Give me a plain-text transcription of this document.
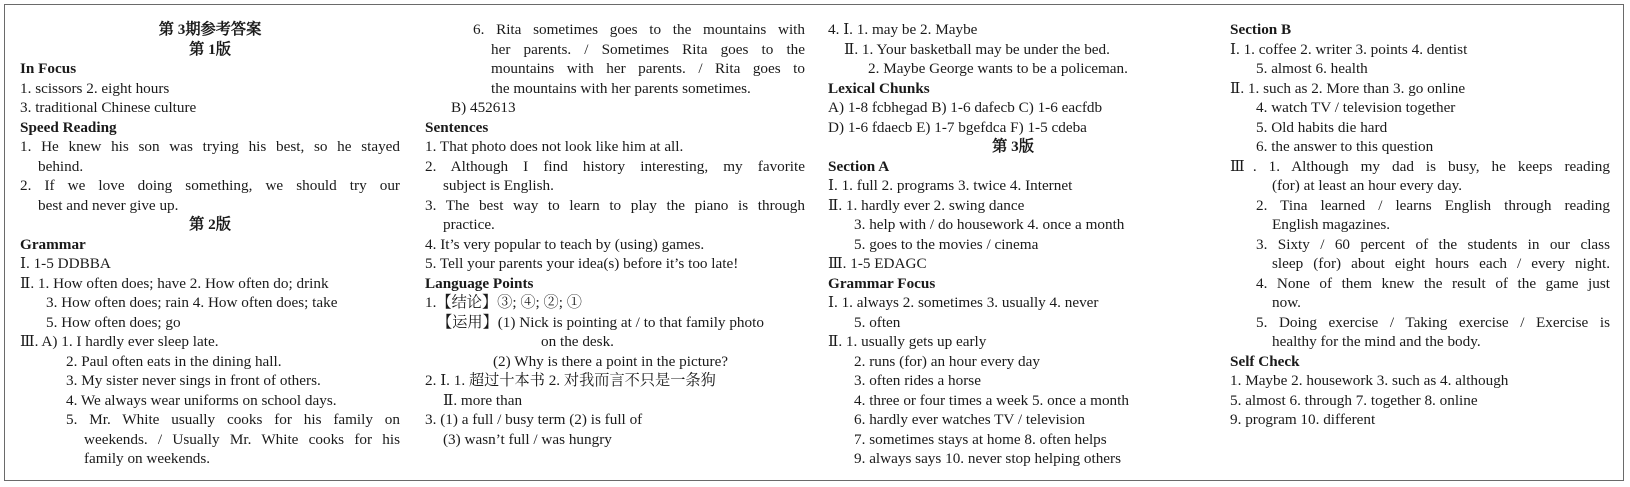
第 3期参考答案
第 1版
In Focus
1. scissors 2. eight hours
3. traditional Chinese culture
Speed Reading
1. He knew his son was trying his best, so he stayed
behind.
2. If we love doing something, we should try our
best and never give up.
第 2版
Grammar
Ⅰ. 1-5 DDBBA
Ⅱ. 1. How often does; have 2. How often do; drink
3. How often does; rain 4. How often does; take
5. How often does; go
Ⅲ. A) 1. I hardly ever sleep late.
2. Paul often eats in the dining hall.
3. My sister never sings in front of others.
4. We always wear uniforms on school days.
5. Mr. White usually cooks for his family on
weekends. / Usually Mr. White cooks for his
family on weekends.
6. Rita sometimes goes to the mountains with
her parents. / Sometimes Rita goes to the
mountains with her parents. / Rita goes to
the mountains with her parents sometimes.
B) 452613
Sentences
1. That photo does not look like him at all.
2. Although I find history interesting, my favorite
subject is English.
3. The best way to learn to play the piano is through
practice.
4. It’s very popular to teach by (using) games.
5. Tell your parents your idea(s) before it’s too late!
Language Points
1.【结论】③; ④; ②; ①
【运用】(1) Nick is pointing at / to that family photo
on the desk.
(2) Why is there a point in the picture?
2. Ⅰ. 1. 超过十本书 2. 对我而言不只是一条狗
Ⅱ. more than
3. (1) a full / busy term (2) is full of
(3) wasn’t full / was hungry
4. Ⅰ. 1. may be 2. Maybe
Ⅱ. 1. Your basketball may be under the bed.
2. Maybe George wants to be a policeman.
Lexical Chunks
A) 1-8 fcbhegad B) 1-6 dafecb C) 1-6 eacfdb
D) 1-6 fdaecb E) 1-7 bgefdca F) 1-5 cdeba
第 3版
Section A
Ⅰ. 1. full 2. programs 3. twice 4. Internet
Ⅱ. 1. hardly ever 2. swing dance
3. help with / do housework 4. once a month
5. goes to the movies / cinema
Ⅲ. 1-5 EDAGC
Grammar Focus
Ⅰ. 1. always 2. sometimes 3. usually 4. never
5. often
Ⅱ. 1. usually gets up early
2. runs (for) an hour every day
3. often rides a horse
4. three or four times a week 5. once a month
6. hardly ever watches TV / television
7. sometimes stays at home 8. often helps
9. always says 10. never stop helping others
Section B
Ⅰ. 1. coffee 2. writer 3. points 4. dentist
5. almost 6. health
Ⅱ. 1. such as 2. More than 3. go online
4. watch TV / television together
5. Old habits die hard
6. the answer to this question
Ⅲ. 1. Although my dad is busy, he keeps reading
(for) at least an hour every day.
2. Tina learned / learns English through reading
English magazines.
3. Sixty / 60 percent of the students in our class
sleep (for) about eight hours each / every night.
4. None of them knew the result of the game just
now.
5. Doing exercise / Taking exercise / Exercise is
healthy for the mind and the body.
Self Check
1. Maybe 2. housework 3. such as 4. although
5. almost 6. through 7. together 8. online
9. program 10. different
